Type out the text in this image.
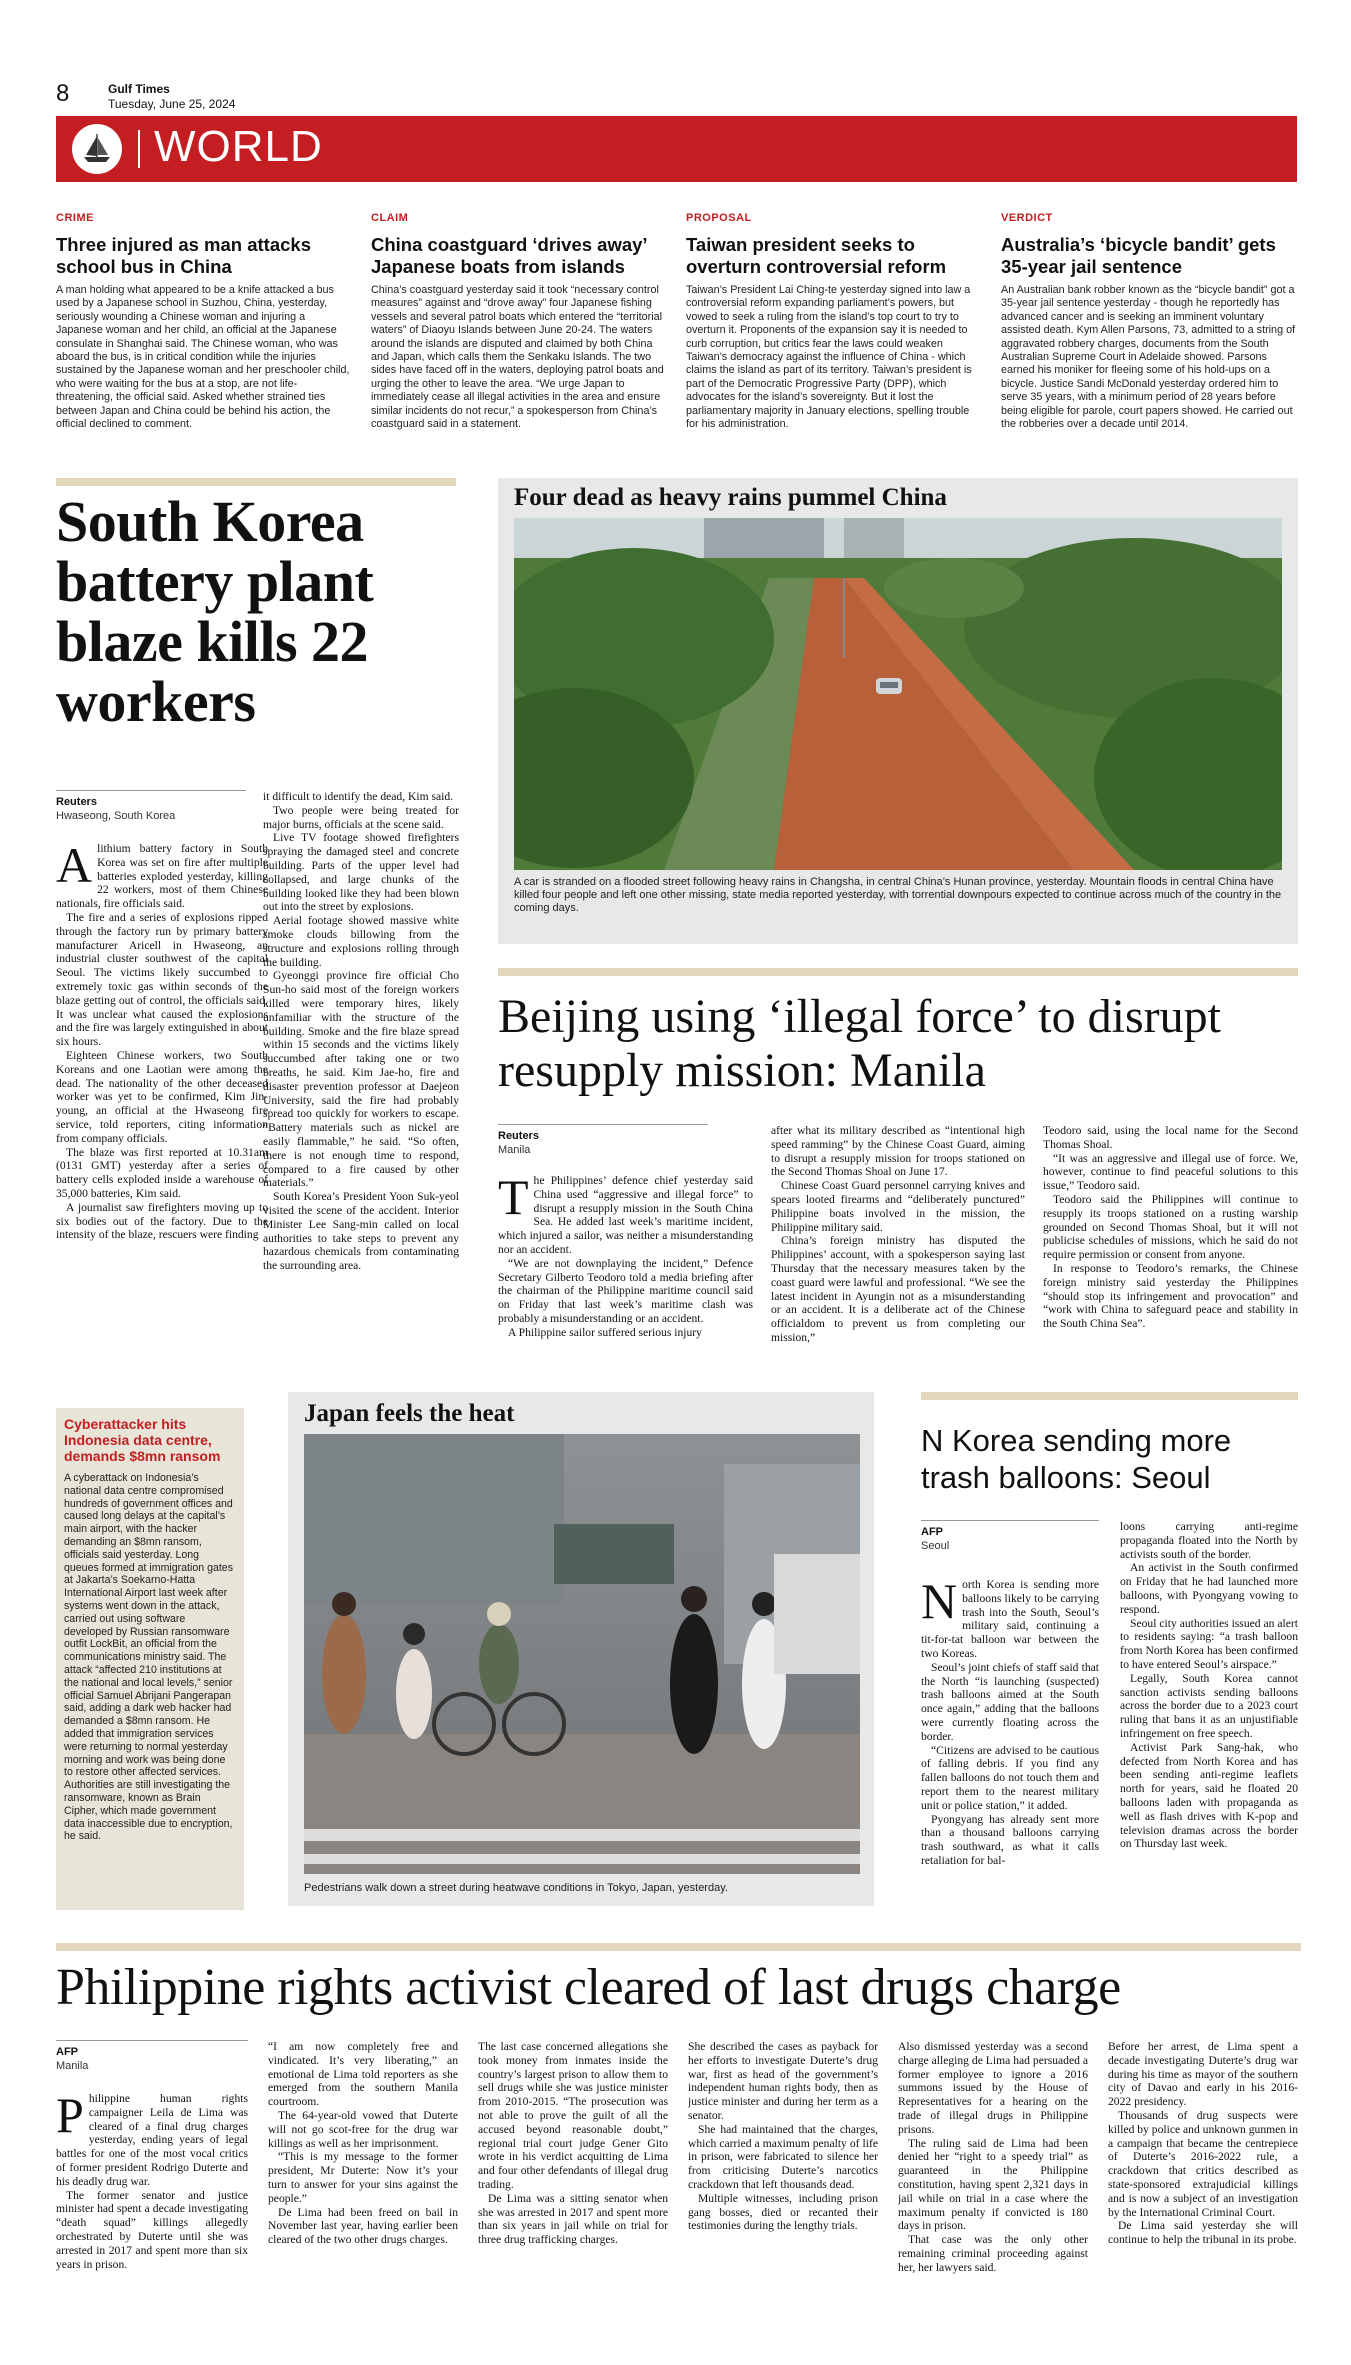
8	Gulf Times
Tuesday, June 25, 2024
WORLD
CRIME
Three injured as man attacks school bus in China
A man holding what appeared to be a knife attacked a bus used by a Japanese school in Suzhou, China, yesterday, seriously wounding a Chinese woman and injuring a Japanese woman and her child, an official at the Japanese consulate in Shanghai said. The Chinese woman, who was aboard the bus, is in critical condition while the injuries sustained by the Japanese woman and her preschooler child, who were waiting for the bus at a stop, are not life-threatening, the official said. Asked whether strained ties between Japan and China could be behind his action, the official declined to comment.
CLAIM
China coastguard ‘drives away’ Japanese boats from islands
China’s coastguard yesterday said it took “necessary control measures” against and “drove away” four Japanese fishing vessels and several patrol boats which entered the “territorial waters” of Diaoyu Islands between June 20-24. The waters around the islands are disputed and claimed by both China and Japan, which calls them the Senkaku Islands. The two sides have faced off in the waters, deploying patrol boats and urging the other to leave the area. “We urge Japan to immediately cease all illegal activities in the area and ensure similar incidents do not recur,” a spokesperson from China’s coastguard said in a statement.
PROPOSAL
Taiwan president seeks to overturn controversial reform
Taiwan’s President Lai Ching-te yesterday signed into law a controversial reform expanding parliament’s powers, but vowed to seek a ruling from the island’s top court to try to overturn it. Proponents of the expansion say it is needed to curb corruption, but critics fear the laws could weaken Taiwan’s democracy against the influence of China - which claims the island as part of its territory. Taiwan’s president is part of the Democratic Progressive Party (DPP), which advocates for the island’s sovereignty. But it lost the parliamentary majority in January elections, spelling trouble for his administration.
VERDICT
Australia’s ‘bicycle bandit’ gets 35-year jail sentence
An Australian bank robber known as the “bicycle bandit” got a 35-year jail sentence yesterday - though he reportedly has advanced cancer and is seeking an imminent voluntary assisted death. Kym Allen Parsons, 73, admitted to a string of aggravated robbery charges, documents from the South Australian Supreme Court in Adelaide showed. Parsons earned his moniker for fleeing some of his hold-ups on a bicycle. Justice Sandi McDonald yesterday ordered him to serve 35 years, with a minimum period of 28 years before being eligible for parole, court papers showed. He carried out the robberies over a decade until 2014.
South Korea battery plant blaze kills 22 workers
Reuters
Hwaseong, South Korea
A lithium battery factory in South Korea was set on fire after multiple batteries exploded yesterday, killing 22 workers, most of them Chinese nationals, fire officials said.

The fire and a series of explosions ripped through the factory run by primary battery manufacturer Aricell in Hwaseong, an industrial cluster southwest of the capital Seoul. The victims likely succumbed to extremely toxic gas within seconds of the blaze getting out of control, the officials said. It was unclear what caused the explosions and the fire was largely extinguished in about six hours.

Eighteen Chinese workers, two South Koreans and one Laotian were among the dead. The nationality of the other deceased worker was yet to be confirmed, Kim Jin-young, an official at the Hwaseong fire service, told reporters, citing information from company officials.

The blaze was first reported at 10.31am (0131 GMT) yesterday after a series of battery cells exploded inside a warehouse of 35,000 batteries, Kim said.

A journalist saw firefighters moving up to six bodies out of the factory. Due to the intensity of the blaze, rescuers were finding

it difficult to identify the dead, Kim said.

Two people were being treated for major burns, officials at the scene said.

Live TV footage showed firefighters spraying the damaged steel and concrete building. Parts of the upper level had collapsed, and large chunks of the building looked like they had been blown out into the street by explosions.

Aerial footage showed massive white smoke clouds billowing from the structure and explosions rolling through the building.

Gyeonggi province fire official Cho Sun-ho said most of the foreign workers killed were temporary hires, likely unfamiliar with the structure of the building. Smoke and the fire blaze spread within 15 seconds and the victims likely succumbed after taking one or two breaths, he said. Kim Jae-ho, fire and disaster prevention professor at Daejeon University, said the fire had probably spread too quickly for workers to escape. “Battery materials such as nickel are easily flammable,” he said. “So often, there is not enough time to respond, compared to a fire caused by other materials.”

South Korea’s President Yoon Suk-yeol visited the scene of the accident. Interior Minister Lee Sang-min called on local authorities to take steps to prevent any hazardous chemicals from contaminating the surrounding area.

Four dead as heavy rains pummel China
A car is stranded on a flooded street following heavy rains in Changsha, in central China’s Hunan province, yesterday. Mountain floods in central China have killed four people and left one other missing, state media reported yesterday, with torrential downpours expected to continue across much of the country in the coming days.
Beijing using ‘illegal force’ to disrupt resupply mission: Manila
Reuters
Manila
T he Philippines’ defence chief yesterday said China used “aggressive and illegal force” to disrupt a resupply mission in the South China Sea. He added last week’s maritime incident, which injured a sailor, was neither a misunderstanding nor an accident.

“We are not downplaying the incident,” Defence Secretary Gilberto Teodoro told a media briefing after the chairman of the Philippine maritime council said on Friday that last week’s maritime clash was probably a misunderstanding or an accident.

A Philippine sailor suffered serious injury

after what its military described as “intentional high speed ramming” by the Chinese Coast Guard, aiming to disrupt a resupply mission for troops stationed on the Second Thomas Shoal on June 17.

Chinese Coast Guard personnel carrying knives and spears looted firearms and “deliberately punctured” Philippine boats involved in the mission, the Philippine military said.

China’s foreign ministry has disputed the Philippines’ account, with a spokesperson saying last Thursday that the necessary measures taken by the coast guard were lawful and professional. “We see the latest incident in Ayungin not as a misunderstanding or an accident. It is a deliberate act of the Chinese officialdom to prevent us from completing our mission,”

Teodoro said, using the local name for the Second Thomas Shoal.

“It was an aggressive and illegal use of force. We, however, continue to find peaceful solutions to this issue,” Teodoro said.

Teodoro said the Philippines will continue to resupply its troops stationed on a rusting warship grounded on Second Thomas Shoal, but it will not publicise schedules of missions, which he said do not require permission or consent from anyone.

In response to Teodoro’s remarks, the Chinese foreign ministry said yesterday the Philippines “should stop its infringement and provocation” and “work with China to safeguard peace and stability in the South China Sea”.

Cyberattacker hits Indonesia data centre, demands $8mn ransom
A cyberattack on Indonesia’s national data centre compromised hundreds of government offices and caused long delays at the capital’s main airport, with the hacker demanding an $8mn ransom, officials said yesterday. Long queues formed at immigration gates at Jakarta’s Soekarno-Hatta International Airport last week after systems went down in the attack, carried out using software developed by Russian ransomware outfit LockBit, an official from the communications ministry said. The attack “affected 210 institutions at the national and local levels,” senior official Samuel Abrijani Pangerapan said, adding a dark web hacker had demanded a $8mn ransom. He added that immigration services were returning to normal yesterday morning and work was being done to restore other affected services. Authorities are still investigating the ransomware, known as Brain Cipher, which made government data inaccessible due to encryption, he said.
Japan feels the heat
Pedestrians walk down a street during heatwave conditions in Tokyo, Japan, yesterday.
N Korea sending more trash balloons: Seoul
AFP
Seoul
N orth Korea is sending more balloons likely to be carrying trash into the South, Seoul’s military said, continuing a tit-for-tat balloon war between the two Koreas.

Seoul’s joint chiefs of staff said that the North “is launching (suspected) trash balloons aimed at the South once again,” adding that the balloons were currently floating across the border.

“Citizens are advised to be cautious of falling debris. If you find any fallen balloons do not touch them and report them to the nearest military unit or police station,” it added.

Pyongyang has already sent more than a thousand balloons carrying trash southward, as what it calls retaliation for bal-

loons carrying anti-regime propaganda floated into the North by activists south of the border.

An activist in the South confirmed on Friday that he had launched more balloons, with Pyongyang vowing to respond.

Seoul city authorities issued an alert to residents saying: “a trash balloon from North Korea has been confirmed to have entered Seoul’s airspace.”

Legally, South Korea cannot sanction activists sending balloons across the border due to a 2023 court ruling that bans it as an unjustifiable infringement on free speech.

Activist Park Sang-hak, who defected from North Korea and has been sending anti-regime leaflets north for years, said he floated 20 balloons laden with propaganda as well as flash drives with K-pop and television dramas across the border on Thursday last week.

Philippine rights activist cleared of last drugs charge
AFP
Manila
P hilippine human rights campaigner Leila de Lima was cleared of a final drug charges yesterday, ending years of legal battles for one of the most vocal critics of former president Rodrigo Duterte and his deadly drug war.

The former senator and justice minister had spent a decade investigating “death squad” killings allegedly orchestrated by Duterte until she was arrested in 2017 and spent more than six years in prison.

“I am now completely free and vindicated. It’s very liberating,” an emotional de Lima told reporters as she emerged from the southern Manila courtroom.

The 64-year-old vowed that Duterte will not go scot-free for the drug war killings as well as her imprisonment.

“This is my message to the former president, Mr Duterte: Now it’s your turn to answer for your sins against the people.”

De Lima had been freed on bail in November last year, having earlier been cleared of the two other drugs charges.

The last case concerned allegations she took money from inmates inside the country’s largest prison to allow them to sell drugs while she was justice minister from 2010-2015. “The prosecution was not able to prove the guilt of all the accused beyond reasonable doubt,” regional trial court judge Gener Gito wrote in his verdict acquitting de Lima and four other defendants of illegal drug trading.

De Lima was a sitting senator when she was arrested in 2017 and spent more than six years in jail while on trial for three drug trafficking charges.

She described the cases as payback for her efforts to investigate Duterte’s drug war, first as head of the government’s independent human rights body, then as justice minister and during her term as a senator.

She had maintained that the charges, which carried a maximum penalty of life in prison, were fabricated to silence her from criticising Duterte’s narcotics crackdown that left thousands dead.

Multiple witnesses, including prison gang bosses, died or recanted their testimonies during the lengthy trials.

Also dismissed yesterday was a second charge alleging de Lima had persuaded a former employee to ignore a 2016 summons issued by the House of Representatives for a hearing on the trade of illegal drugs in Philippine prisons.

The ruling said de Lima had been denied her “right to a speedy trial” as guaranteed in the Philippine constitution, having spent 2,321 days in jail while on trial in a case where the maximum penalty if convicted is 180 days in prison.

That case was the only other remaining criminal proceeding against her, her lawyers said.

Before her arrest, de Lima spent a decade investigating Duterte’s drug war during his time as mayor of the southern city of Davao and early in his 2016-2022 presidency.

Thousands of drug suspects were killed by police and unknown gunmen in a campaign that became the centrepiece of Duterte’s 2016-2022 rule, a crackdown that critics described as state-sponsored extrajudicial killings and is now a subject of an investigation by the International Criminal Court.

De Lima said yesterday she will continue to help the tribunal in its probe.
